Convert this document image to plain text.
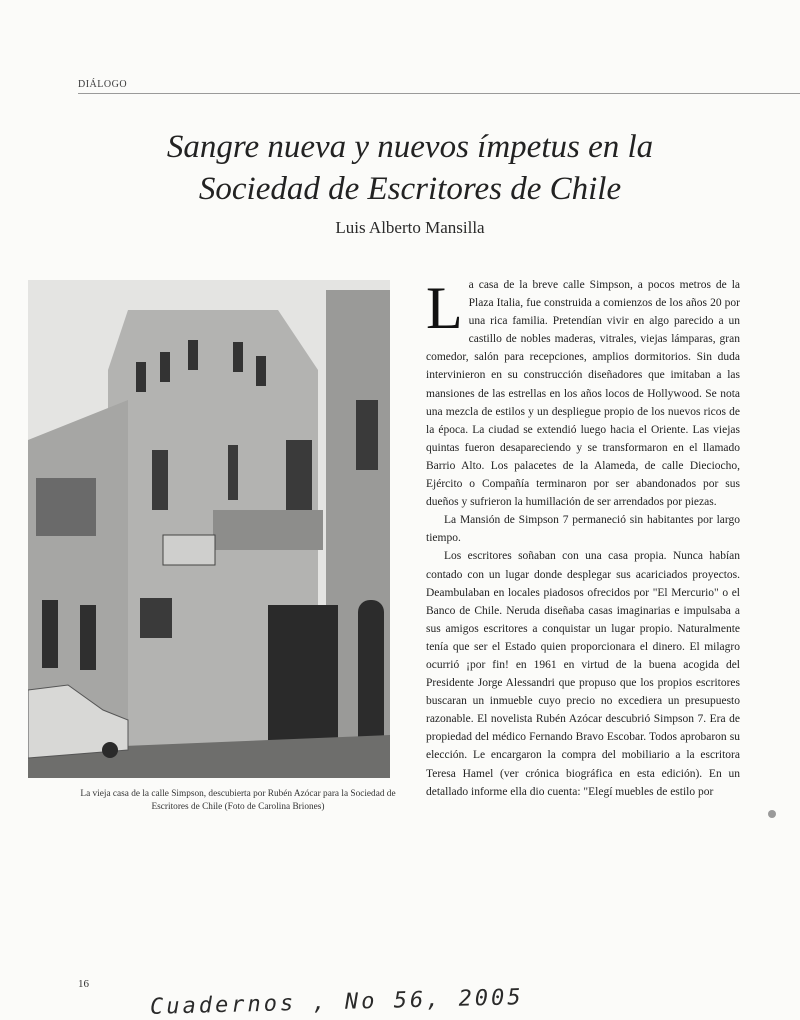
DIÁLOGO
Sangre nueva y nuevos ímpetus en la
Sociedad de Escritores de Chile
Luis Alberto Mansilla
La vieja casa de la calle Simpson, descubierta por Rubén Azócar para la Sociedad de Escritores de Chile (Foto de Carolina Briones)

La casa de la breve calle Simpson, a pocos metros de la Plaza Italia, fue construida a comienzos de los años 20 por una rica familia. Pretendían vivir en algo parecido a un castillo de nobles maderas, vitrales, viejas lámparas, gran comedor, salón para recepciones, amplios dormitorios. Sin duda intervinieron en su construcción diseñadores que imitaban a las mansiones de las estrellas en los años locos de Hollywood. Se nota una mezcla de estilos y un despliegue propio de los nuevos ricos de la época. La ciudad se extendió luego hacia el Oriente. Las viejas quintas fueron desapareciendo y se transformaron en el llamado Barrio Alto. Los palacetes de la Alameda, de calle Dieciocho, Ejército o Compañía terminaron por ser abandonados por sus dueños y sufrieron la humillación de ser arrendados por piezas.

La Mansión de Simpson 7 permaneció sin habitantes por largo tiempo.

Los escritores soñaban con una casa propia. Nunca habían contado con un lugar donde desplegar sus acariciados proyectos. Deambulaban en locales piadosos ofrecidos por "El Mercurio" o el Banco de Chile. Neruda diseñaba casas imaginarias e impulsaba a sus amigos escritores a conquistar un lugar propio. Naturalmente tenía que ser el Estado quien proporcionara el dinero. El milagro ocurrió ¡por fin! en 1961 en virtud de la buena acogida del Presidente Jorge Alessandri que propuso que los propios escritores buscaran un inmueble cuyo precio no excediera un presupuesto razonable. El novelista Rubén Azócar descubrió Simpson 7. Era de propiedad del médico Fernando Bravo Escobar. Todos aprobaron su elección. Le encargaron la compra del mobiliario a la escritora Teresa Hamel (ver crónica biográfica en esta edición). En un detallado informe ella dio cuenta: "Elegí muebles de estilo por

16
Cuadernos , No 56, 2005
